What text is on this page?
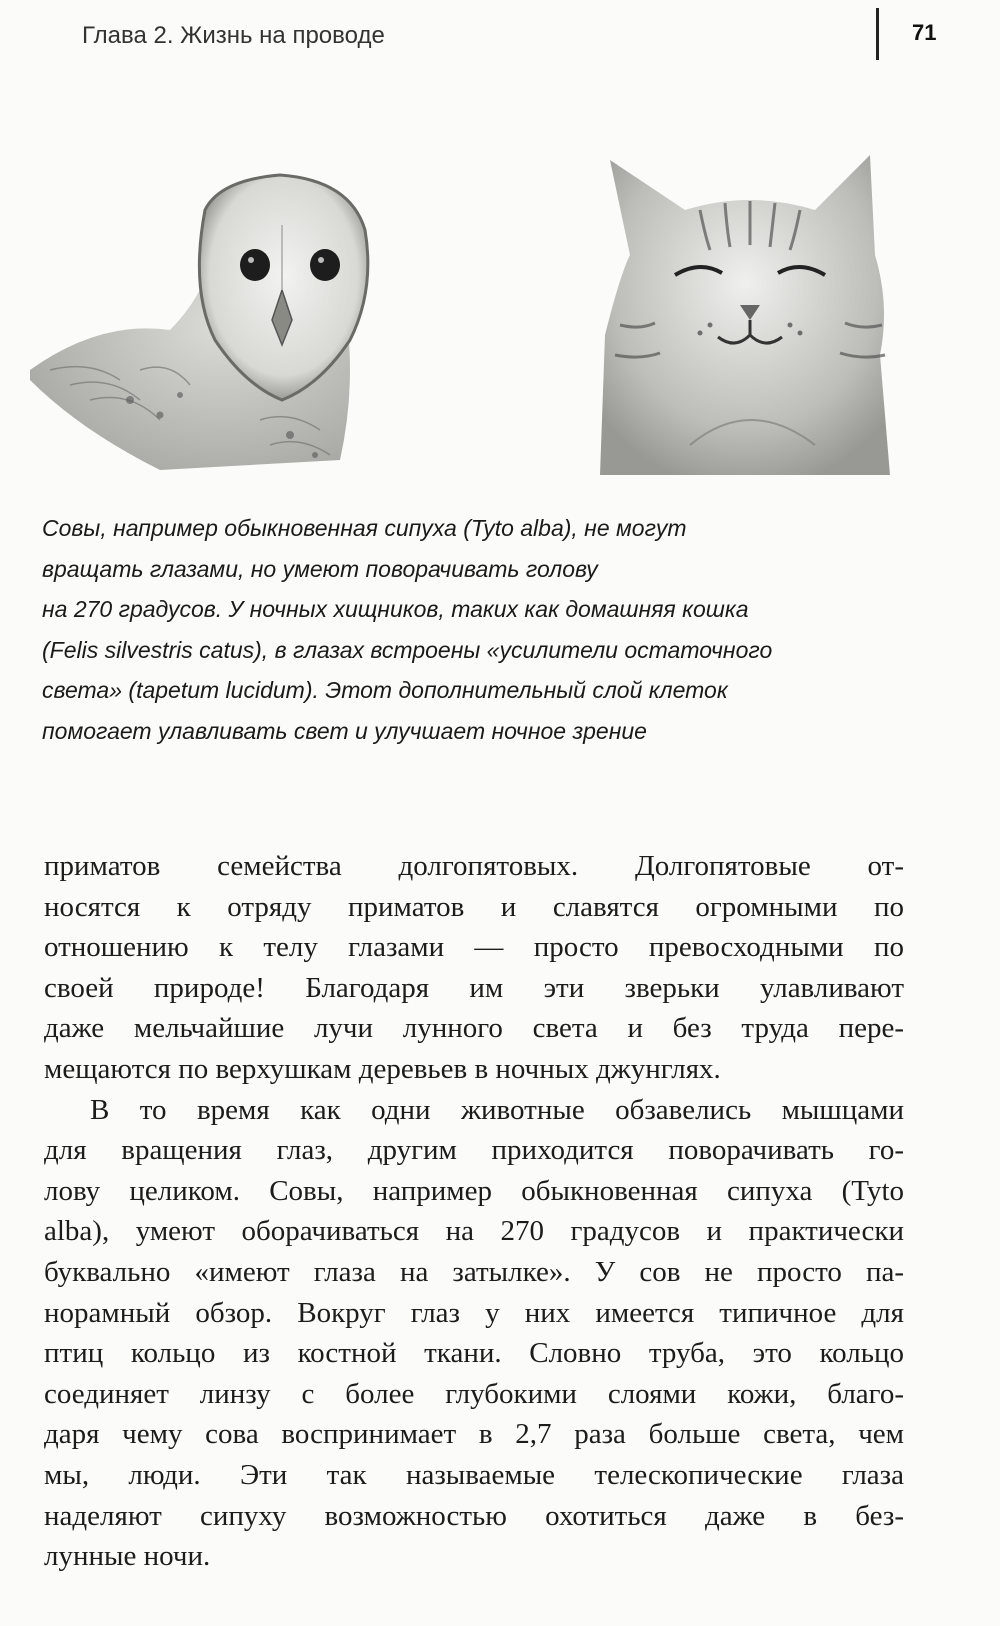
Глава 2. Жизнь на проводе	71
Совы, например обыкновенная сипуха (Tyto alba), не могут
вращать глазами, но умеют поворачивать голову
на 270 градусов. У ночных хищников, таких как домашняя кошка
(Felis silvestris catus), в глазах встроены «усилители остаточного
света» (tapetum lucidum). Этот дополнительный слой клеток
помогает улавливать свет и улучшает ночное зрение
приматов семейства долгопятовых. Долгопятовые от-
носятся к отряду приматов и славятся огромными по
отношению к телу глазами — просто превосходными по
своей природе! Благодаря им эти зверьки улавливают
даже мельчайшие лучи лунного света и без труда пере-
мещаются по верхушкам деревьев в ночных джунглях.
В то время как одни животные обзавелись мышцами
для вращения глаз, другим приходится поворачивать го-
лову целиком. Совы, например обыкновенная сипуха (Tyto
alba), умеют оборачиваться на 270 градусов и практически
буквально «имеют глаза на затылке». У сов не просто па-
норамный обзор. Вокруг глаз у них имеется типичное для
птиц кольцо из костной ткани. Словно труба, это кольцо
соединяет линзу с более глубокими слоями кожи, благо-
даря чему сова воспринимает в 2,7 раза больше света, чем
мы, люди. Эти так называемые телескопические глаза
наделяют сипуху возможностью охотиться даже в без-
лунные ночи.
